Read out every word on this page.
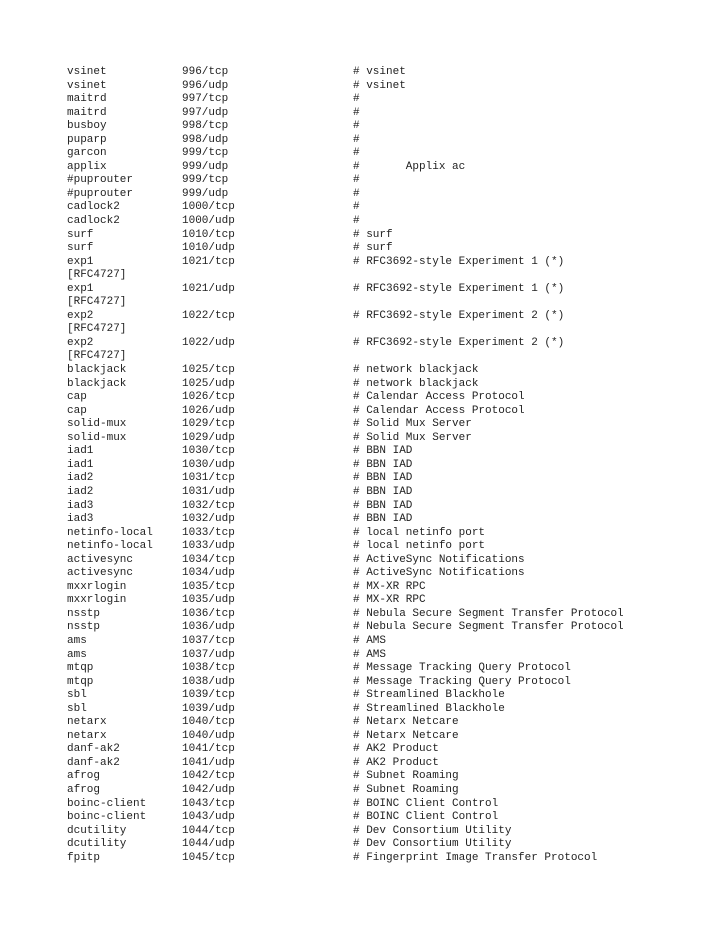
vsinet	996/tcp	# vsinet
vsinet	996/udp	# vsinet
maitrd	997/tcp	#
maitrd	997/udp	#
busboy	998/tcp	#
puparp	998/udp	#
garcon	999/tcp	#
applix	999/udp	#       Applix ac
#puprouter	999/tcp	#
#puprouter	999/udp	#
cadlock2	1000/tcp	#
cadlock2	1000/udp	#
surf	1010/tcp	# surf
surf	1010/udp	# surf
exp1	1021/tcp	# RFC3692-style Experiment 1 (*)
[RFC4727]
exp1	1021/udp	# RFC3692-style Experiment 1 (*)
[RFC4727]
exp2	1022/tcp	# RFC3692-style Experiment 2 (*)
[RFC4727]
exp2	1022/udp	# RFC3692-style Experiment 2 (*)
[RFC4727]
blackjack	1025/tcp	# network blackjack
blackjack	1025/udp	# network blackjack
cap	1026/tcp	# Calendar Access Protocol
cap	1026/udp	# Calendar Access Protocol
solid-mux	1029/tcp	# Solid Mux Server
solid-mux	1029/udp	# Solid Mux Server
iad1	1030/tcp	# BBN IAD
iad1	1030/udp	# BBN IAD
iad2	1031/tcp	# BBN IAD
iad2	1031/udp	# BBN IAD
iad3	1032/tcp	# BBN IAD
iad3	1032/udp	# BBN IAD
netinfo-local	1033/tcp	# local netinfo port
netinfo-local	1033/udp	# local netinfo port
activesync	1034/tcp	# ActiveSync Notifications
activesync	1034/udp	# ActiveSync Notifications
mxxrlogin	1035/tcp	# MX-XR RPC
mxxrlogin	1035/udp	# MX-XR RPC
nsstp	1036/tcp	# Nebula Secure Segment Transfer Protocol
nsstp	1036/udp	# Nebula Secure Segment Transfer Protocol
ams	1037/tcp	# AMS
ams	1037/udp	# AMS
mtqp	1038/tcp	# Message Tracking Query Protocol
mtqp	1038/udp	# Message Tracking Query Protocol
sbl	1039/tcp	# Streamlined Blackhole
sbl	1039/udp	# Streamlined Blackhole
netarx	1040/tcp	# Netarx Netcare
netarx	1040/udp	# Netarx Netcare
danf-ak2	1041/tcp	# AK2 Product
danf-ak2	1041/udp	# AK2 Product
afrog	1042/tcp	# Subnet Roaming
afrog	1042/udp	# Subnet Roaming
boinc-client	1043/tcp	# BOINC Client Control
boinc-client	1043/udp	# BOINC Client Control
dcutility	1044/tcp	# Dev Consortium Utility
dcutility	1044/udp	# Dev Consortium Utility
fpitp	1045/tcp	# Fingerprint Image Transfer Protocol
